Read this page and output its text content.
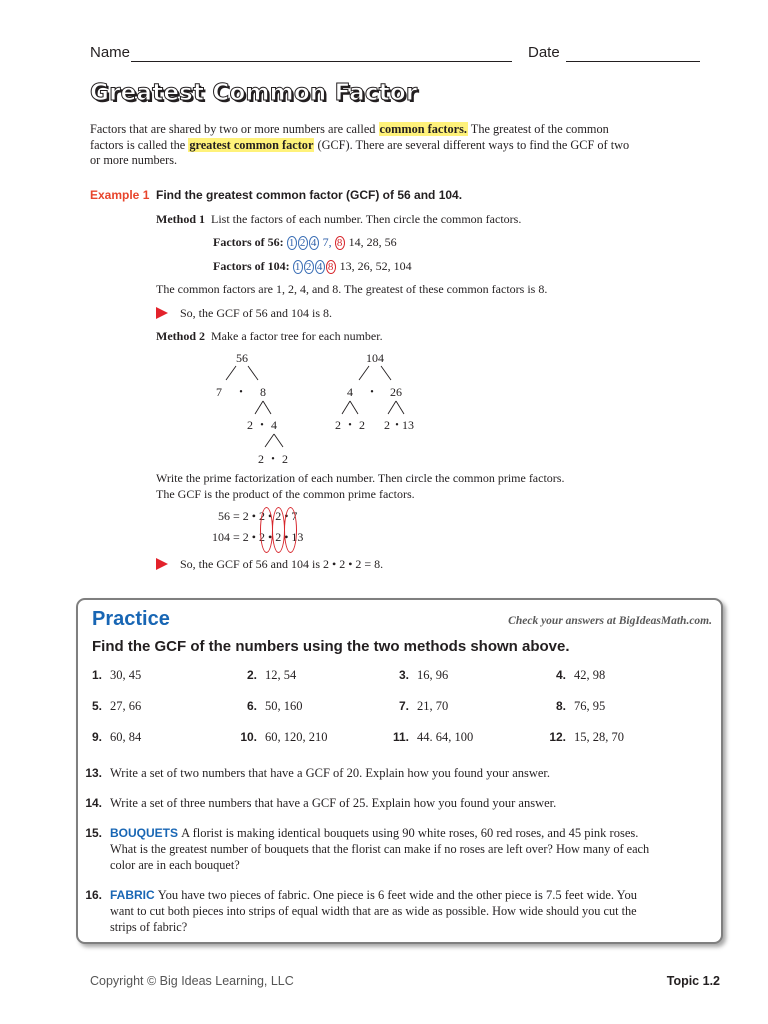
Name	Date
Greatest Common Factor
Factors that are shared by two or more numbers are called common factors. The greatest of the common factors is called the greatest common factor (GCF). There are several different ways to find the GCF of two or more numbers.
Example 1 Find the greatest common factor (GCF) of 56 and 104.
Method 1 List the factors of each number. Then circle the common factors.
Factors of 56: 1 2 4 7, 8 14, 28, 56
Factors of 104: 1 2 4 8 13, 26, 52, 104
The common factors are 1, 2, 4, and 8. The greatest of these common factors is 8.
So, the GCF of 56 and 104 is 8.
Method 2 Make a factor tree for each number.
56
7 • 8
2 • 4
2 • 2
104
4 • 26
2 • 2 2 • 13
Write the prime factorization of each number. Then circle the common prime factors.
The GCF is the product of the common prime factors.
56 = 2 • 2 • 2 • 7
104 = 2 • 2 • 2 • 13
So, the GCF of 56 and 104 is 2 • 2 • 2 = 8.
Practice	Check your answers at BigIdeasMath.com.
Find the GCF of the numbers using the two methods shown above.
1. 30, 45	2. 12, 54	3. 16, 96	4. 42, 98
5. 27, 66	6. 50, 160	7. 21, 70	8. 76, 95
9. 60, 84	10. 60, 120, 210	11. 44. 64, 100	12. 15, 28, 70
13. Write a set of two numbers that have a GCF of 20. Explain how you found your answer.
14. Write a set of three numbers that have a GCF of 25. Explain how you found your answer.
15. BOUQUETS A florist is making identical bouquets using 90 white roses, 60 red roses, and 45 pink roses.
What is the greatest number of bouquets that the florist can make if no roses are left over? How many of each
color are in each bouquet?
16. FABRIC You have two pieces of fabric. One piece is 6 feet wide and the other piece is 7.5 feet wide. You
want to cut both pieces into strips of equal width that are as wide as possible. How wide should you cut the
strips of fabric?
Copyright © Big Ideas Learning, LLC	Topic 1.2
